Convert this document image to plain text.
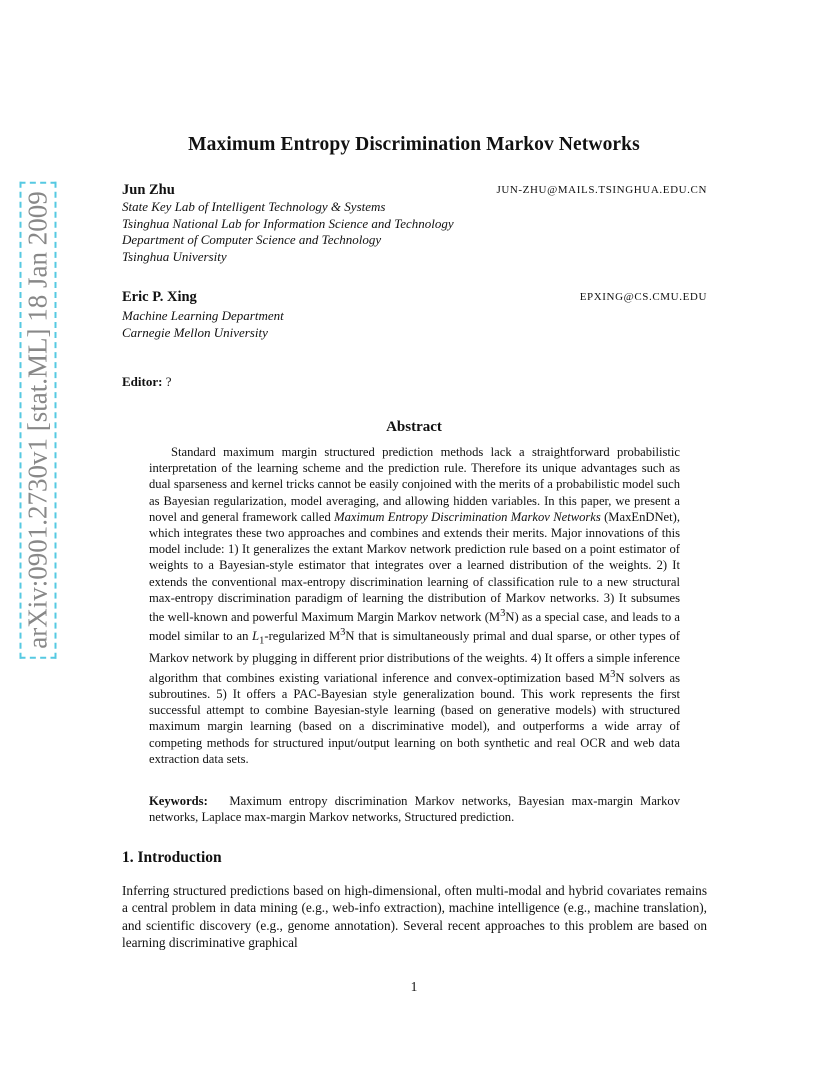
arXiv:0901.2730v1 [stat.ML] 18 Jan 2009
Maximum Entropy Discrimination Markov Networks
Jun Zhu	JUN-ZHU@MAILS.TSINGHUA.EDU.CN
State Key Lab of Intelligent Technology & Systems
Tsinghua National Lab for Information Science and Technology
Department of Computer Science and Technology
Tsinghua University
Eric P. Xing	EPXING@CS.CMU.EDU
Machine Learning Department
Carnegie Mellon University
Editor: ?
Abstract
Standard maximum margin structured prediction methods lack a straightforward probabilistic interpretation of the learning scheme and the prediction rule. Therefore its unique advantages such as dual sparseness and kernel tricks cannot be easily conjoined with the merits of a probabilistic model such as Bayesian regularization, model averaging, and allowing hidden variables. In this paper, we present a novel and general framework called Maximum Entropy Discrimination Markov Networks (MaxEnDNet), which integrates these two approaches and combines and extends their merits. Major innovations of this model include: 1) It generalizes the extant Markov network prediction rule based on a point estimator of weights to a Bayesian-style estimator that integrates over a learned distribution of the weights. 2) It extends the conventional max-entropy discrimination learning of classification rule to a new structural max-entropy discrimination paradigm of learning the distribution of Markov networks. 3) It subsumes the well-known and powerful Maximum Margin Markov network $(M^3N)$ as a special case, and leads to a model similar to an $L_1$-regularized $M^3N$ that is simultaneously primal and dual sparse, or other types of Markov network by plugging in different prior distributions of the weights. 4) It offers a simple inference algorithm that combines existing variational inference and convex-optimization based $M^3N$ solvers as subroutines. 5) It offers a PAC-Bayesian style generalization bound. This work represents the first successful attempt to combine Bayesian-style learning (based on generative models) with structured maximum margin learning (based on a discriminative model), and outperforms a wide array of competing methods for structured input/output learning on both synthetic and real OCR and web data extraction data sets.
Keywords: Maximum entropy discrimination Markov networks, Bayesian max-margin Markov networks, Laplace max-margin Markov networks, Structured prediction.
1. Introduction
Inferring structured predictions based on high-dimensional, often multi-modal and hybrid covariates remains a central problem in data mining (e.g., web-info extraction), machine intelligence (e.g., machine translation), and scientific discovery (e.g., genome annotation). Several recent approaches to this problem are based on learning discriminative graphical
1
